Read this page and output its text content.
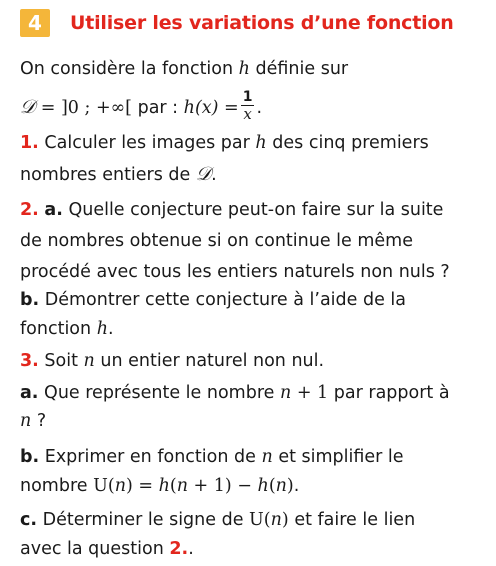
4	Utiliser les variations d’une fonction
On considère la fonction h définie sur
𝒟 = ]0 ; +∞[ par : $h(x) = \frac{1}{x}$ .
1. Calculer les images par h des cinq premiers
nombres entiers de 𝒟.
2. a. Quelle conjecture peut-on faire sur la suite
de nombres obtenue si on continue le même
procédé avec tous les entiers naturels non nuls ?
b. Démontrer cette conjecture à l’aide de la
fonction h.
3. Soit n un entier naturel non nul.
a. Que représente le nombre n + 1 par rapport à
n ?
b. Exprimer en fonction de n et simplifier le
nombre U(n) = h(n + 1) − h(n).
c. Déterminer le signe de U(n) et faire le lien
avec la question 2..
